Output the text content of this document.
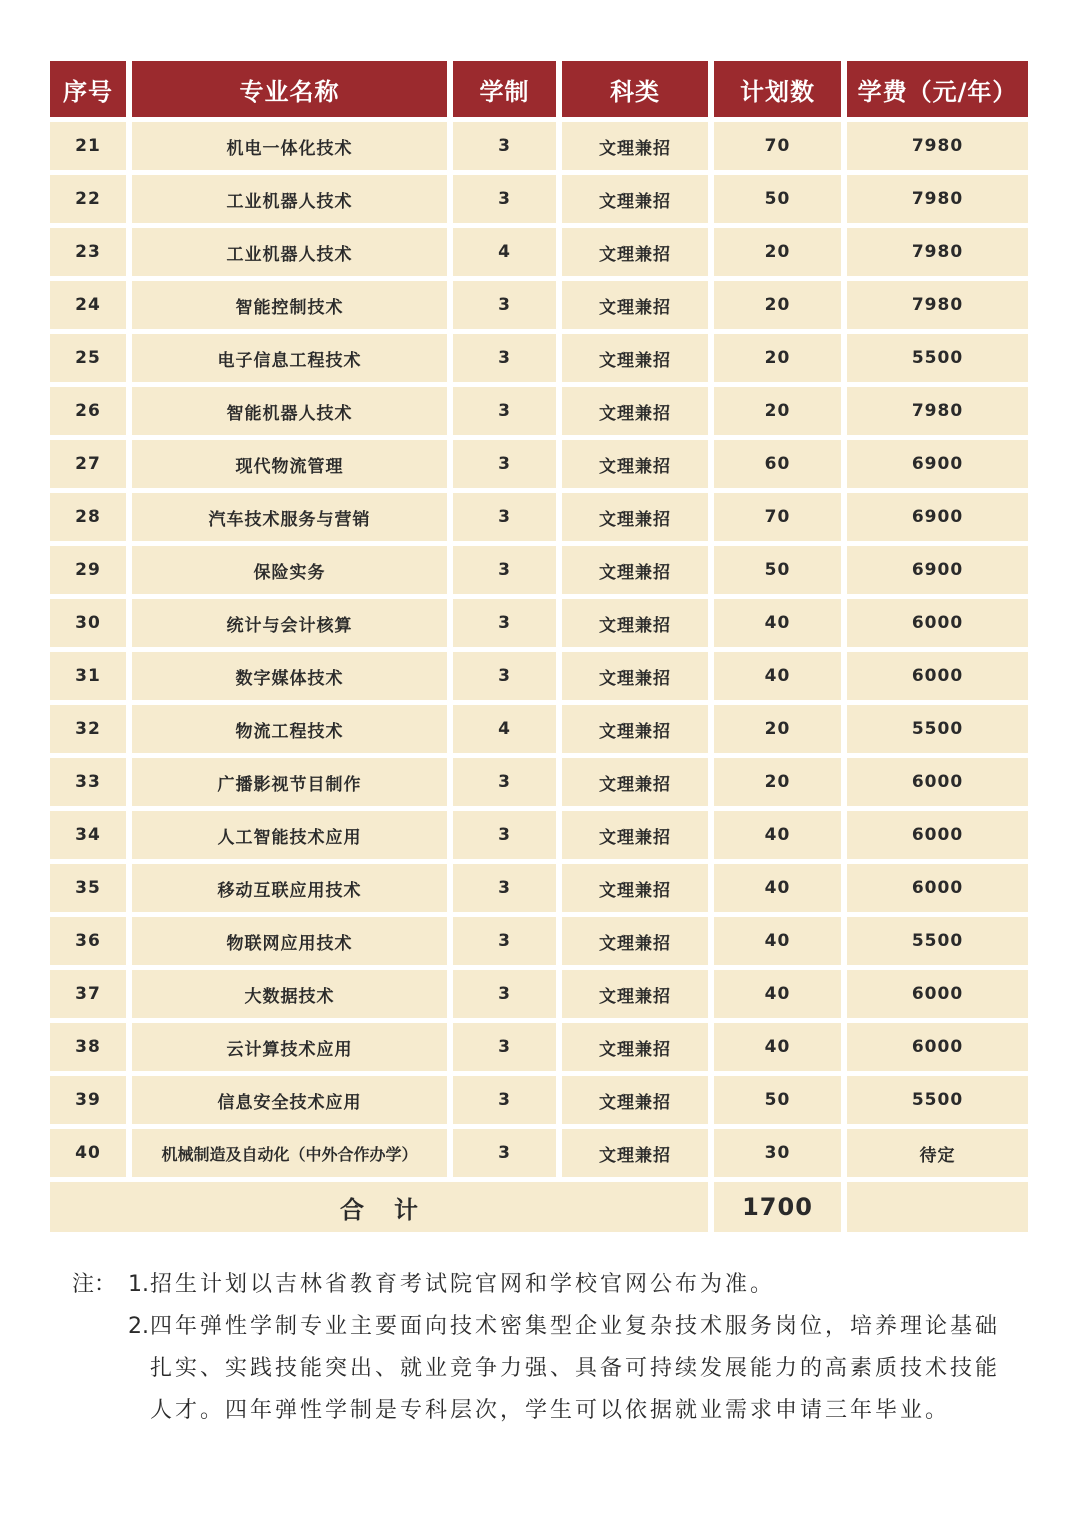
序号	专业名称	学制	科类	计划数	学费（元/年）
21	机电一体化技术	3	文理兼招	70	7980
22	工业机器人技术	3	文理兼招	50	7980
23	工业机器人技术	4	文理兼招	20	7980
24	智能控制技术	3	文理兼招	20	7980
25	电子信息工程技术	3	文理兼招	20	5500
26	智能机器人技术	3	文理兼招	20	7980
27	现代物流管理	3	文理兼招	60	6900
28	汽车技术服务与营销	3	文理兼招	70	6900
29	保险实务	3	文理兼招	50	6900
30	统计与会计核算	3	文理兼招	40	6000
31	数字媒体技术	3	文理兼招	40	6000
32	物流工程技术	4	文理兼招	20	5500
33	广播影视节目制作	3	文理兼招	20	6000
34	人工智能技术应用	3	文理兼招	40	6000
35	移动互联应用技术	3	文理兼招	40	6000
36	物联网应用技术	3	文理兼招	40	5500
37	大数据技术	3	文理兼招	40	6000
38	云计算技术应用	3	文理兼招	40	6000
39	信息安全技术应用	3	文理兼招	50	5500
40	机械制造及自动化（中外合作办学）	3	文理兼招	30	待定
合计	1700
注： 1. 招生计划以吉林省教育考试院官网和学校官网公布为准。
2. 四年弹性学制专业主要面向技术密集型企业复杂技术服务岗位，培养理论基础扎实、实践技能突出、就业竞争力强、具备可持续发展能力的高素质技术技能人才。四年弹性学制是专科层次，学生可以依据就业需求申请三年毕业。
